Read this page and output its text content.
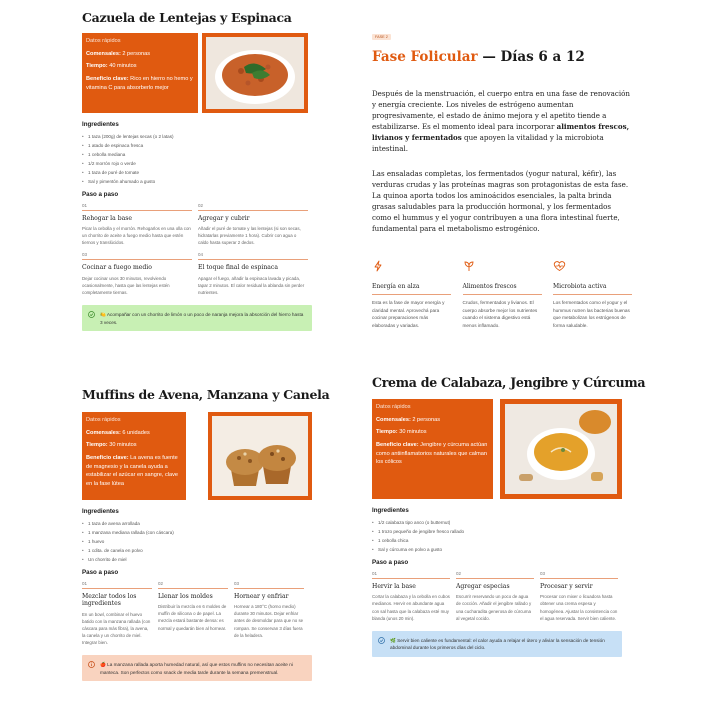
Cazuela de Lentejas y Espinaca
Datos rápidos
Comensales: 2 personas
Tiempo: 40 minutos
Beneficio clave: Rico en hierro no hemo y vitamina C para absorberlo mejor
Ingredientes
• 1 taza (200g) de lentejas secas (o 2 latas)
• 1 atado de espinaca fresca
• 1 cebolla mediana
• 1/2 morrón rojo o verde
• 1 taza de puré de tomate
• Sal y pimentón ahumado a gusto
Paso a paso
01
Rehogar la base
Picar la cebolla y el morrón. Rehogarlos en una olla con un chorrito de aceite a fuego medio hasta que estén tiernos y translúcidos.
02
Agregar y cubrir
Añadir el puré de tomate y las lentejas (si son secas, hidratarlas previamente 1 hora). Cubrir con agua o caldo hasta superar 2 dedos.
03
Cocinar a fuego medio
Dejar cocinar unos 30 minutos, revolviendo ocasionalmente, hasta que las lentejas estén completamente tiernas.
04
El toque final de espinaca
Apagar el fuego, añadir la espinaca lavada y picada, tapar 2 minutos. El calor residual la ablanda sin perder nutrientes.
🍋 Acompañar con un chorrito de limón o un poco de naranja mejora la absorción del hierro hasta 3 veces.
FASE 2
Fase Folicular — Días 6 a 12

Después de la menstruación, el cuerpo entra en una fase de renovación y energía creciente. Los niveles de estrógeno aumentan progresivamente, el estado de ánimo mejora y el apetito tiende a estabilizarse. Es el momento ideal para incorporar alimentos frescos, livianos y fermentados que apoyen la vitalidad y la microbiota intestinal.

Las ensaladas completas, los fermentados (yogur natural, kéfir), las verduras crudas y las proteínas magras son protagonistas de esta fase. La quinoa aporta todos los aminoácidos esenciales, la palta brinda grasas saludables para la producción hormonal, y los fermentados como el hummus y el yogur contribuyen a una flora intestinal fuerte, fundamental para el metabolismo estrogénico.

Energía en alza
Esta es la fase de mayor energía y claridad mental. Aprovechá para cocinar preparaciones más elaboradas y variadas.
Alimentos frescos
Crudos, fermentados y livianos. El cuerpo absorbe mejor los nutrientes cuando el sistema digestivo está menos inflamado.
Microbiota activa
Los fermentados como el yogur y el hummus nutren las bacterias buenas que metabolizan los estrógenos de forma saludable.
Muffins de Avena, Manzana y Canela
Datos rápidos
Comensales: 6 unidades
Tiempo: 30 minutos
Beneficio clave: La avena es fuente de magnesio y la canela ayuda a estabilizar el azúcar en sangre, clave en la fase lútea
Ingredientes
• 1 taza de avena arrollada
• 1 manzana mediana rallada (con cáscara)
• 1 huevo
• 1 cdita. de canela en polvo
• Un chorrito de miel
Paso a paso
01
Mezclar todos los ingredientes
En un bowl, combinar el huevo batido con la manzana rallada (con cáscara para más fibra), la avena, la canela y un chorrito de miel. Integrar bien.
02
Llenar los moldes
Distribuir la mezcla en 6 moldes de muffin de silicona o de papel. La mezcla estará bastante densa: es normal y quedarán bien al hornear.
03
Hornear y enfriar
Hornear a 180°C (horno medio) durante 30 minutos. Dejar enfriar antes de desmoldar para que no se rompan. Se conservan 3 días fuera de la heladera.
🍎 La manzana rallada aporta humedad natural, así que estos muffins no necesitan aceite ni manteca. Son perfectos como snack de media tarde durante la semana premenstrual.
Crema de Calabaza, Jengibre y Cúrcuma
Datos rápidos
Comensales: 2 personas
Tiempo: 30 minutos
Beneficio clave: Jengibre y cúrcuma actúan como antiinflamatorios naturales que calman los cólicos
Ingredientes
• 1/2 calabaza tipo anco (o butternut)
• 1 trozo pequeño de jengibre fresco rallado
• 1 cebolla chica
• Sal y cúrcuma en polvo a gusto
Paso a paso
01
Hervir la base
Cortar la calabaza y la cebolla en cubos medianos. Hervir en abundante agua con sal hasta que la calabaza esté muy blanda (unos 20 min).
02
Agregar especias
Escurrir reservando un poco de agua de cocción. Añadir el jengibre rallado y una cucharadita generosa de cúrcuma al vegetal cocido.
03
Procesar y servir
Procesar con mixer o licuadora hasta obtener una crema espesa y homogénea. Ajustar la consistencia con el agua reservada. Servir bien caliente.
🌿 Servir bien caliente es fundamental: el calor ayuda a relajar el útero y aliviar la sensación de tensión abdominal durante los primeros días del ciclo.
